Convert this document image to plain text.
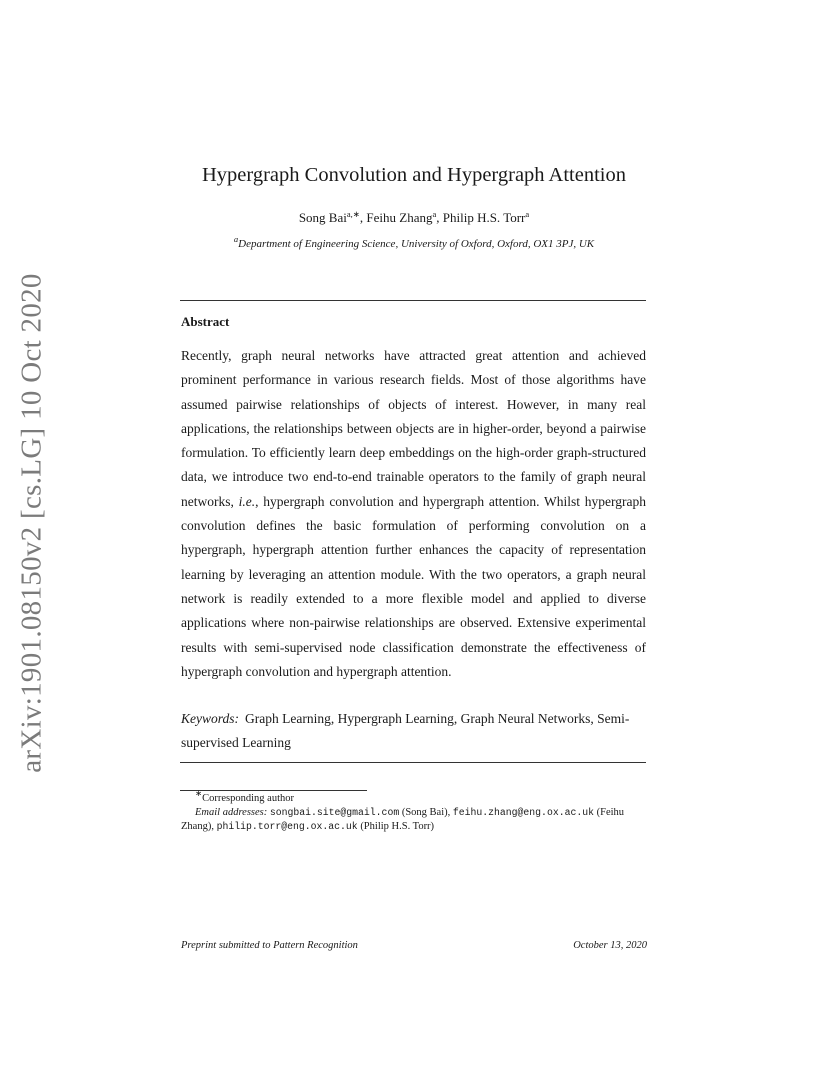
arXiv:1901.08150v2 [cs.LG] 10 Oct 2020
Hypergraph Convolution and Hypergraph Attention
Song Bai$^{a,∗}$, Feihu Zhang$^a$, Philip H.S. Torr$^a$
$^a$Department of Engineering Science, University of Oxford, Oxford, OX1 3PJ, UK
Abstract

Recently, graph neural networks have attracted great attention and achieved prominent performance in various research fields. Most of those algorithms have assumed pairwise relationships of objects of interest. However, in many real applications, the relationships between objects are in higher-order, beyond a pairwise formulation. To efficiently learn deep embeddings on the high-order graph-structured data, we introduce two end-to-end trainable operators to the family of graph neural networks, i.e., hypergraph convolution and hypergraph attention. Whilst hypergraph convolution defines the basic formulation of performing convolution on a hypergraph, hypergraph attention further enhances the capacity of representation learning by leveraging an attention module. With the two operators, a graph neural network is readily extended to a more flexible model and applied to diverse applications where non-pairwise relationships are observed. Extensive experimental results with semi-supervised node classification demonstrate the effectiveness of hypergraph convolution and hypergraph attention.

Keywords: Graph Learning, Hypergraph Learning, Graph Neural Networks, Semi-supervised Learning
∗Corresponding author
Email addresses: songbai.site@gmail.com (Song Bai), feihu.zhang@eng.ox.ac.uk (Feihu Zhang), philip.torr@eng.ox.ac.uk (Philip H.S. Torr)
Preprint submitted to Pattern Recognition	October 13, 2020
